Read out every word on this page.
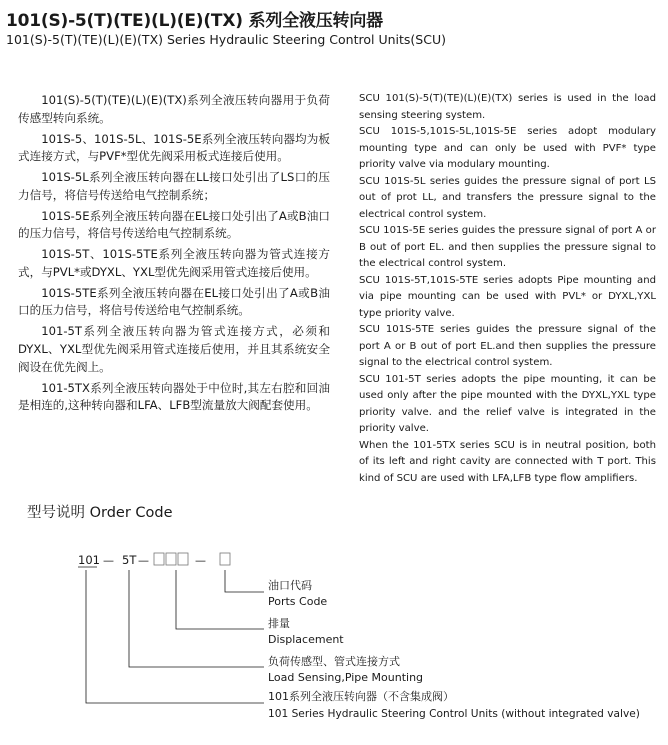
101(S)-5(T)(TE)(L)(E)(TX) 系列全液压转向器
101(S)-5(T)(TE)(L)(E)(TX) Series Hydraulic Steering Control Units(SCU)

101(S)-5(T)(TE)(L)(E)(TX)系列全液压转向器用于负荷传感型转向系统。

101S-5、101S-5L、101S-5E系列全液压转向器均为板式连接方式，与PVF*型优先阀采用板式连接后使用。

101S-5L系列全液压转向器在LL接口处引出了LS口的压力信号，将信号传送给电气控制系统；

101S-5E系列全液压转向器在EL接口处引出了A或B油口的压力信号，将信号传送给电气控制系统。

101S-5T、101S-5TE系列全液压转向器为管式连接方式，与PVL*或DYXL、YXL型优先阀采用管式连接后使用。

101S-5TE系列全液压转向器在EL接口处引出了A或B油口的压力信号，将信号传送给电气控制系统。

101-5T系列全液压转向器为管式连接方式，必须和DYXL、YXL型优先阀采用管式连接后使用，并且其系统安全阀设在优先阀上。

101-5TX系列全液压转向器处于中位时,其左右腔和回油是相连的,这种转向器和LFA、LFB型流量放大阀配套使用。

SCU 101(S)-5(T)(TE)(L)(E)(TX) series is used in the load sensing steering system.

SCU 101S-5,101S-5L,101S-5E series adopt modulary mounting type and can only be used with PVF* type priority valve via modulary mounting.

SCU 101S-5L series guides the pressure signal of port LS out of prot LL, and transfers the pressure signal to the electrical control system.

SCU 101S-5E series guides the pressure signal of port A or B out of port EL. and then supplies the pressure signal to the electrical control system.

SCU 101S-5T,101S-5TE series adopts Pipe mounting and via pipe mounting can be used with PVL* or DYXL,YXL type priority valve.

SCU 101S-5TE series guides the pressure signal of the port A or B out of port EL.and then supplies the pressure signal to the electrical control system.

SCU 101-5T series adopts the pipe mounting, it can be used only after the pipe mounted with the DYXL,YXL type priority valve. and the relief valve is integrated in the priority valve.

When the 101-5TX series SCU is in neutral position, both of its left and right cavity are connected with T port. This kind of SCU are used with LFA,LFB type flow amplifiers.

型号说明 Order Code
101 — 5T —	—
油口代码
Ports Code
排量
Displacement
负荷传感型、管式连接方式
Load Sensing,Pipe Mounting
101系列全液压转向器（不含集成阀）
101 Series Hydraulic Steering Control Units (without integrated valve)
